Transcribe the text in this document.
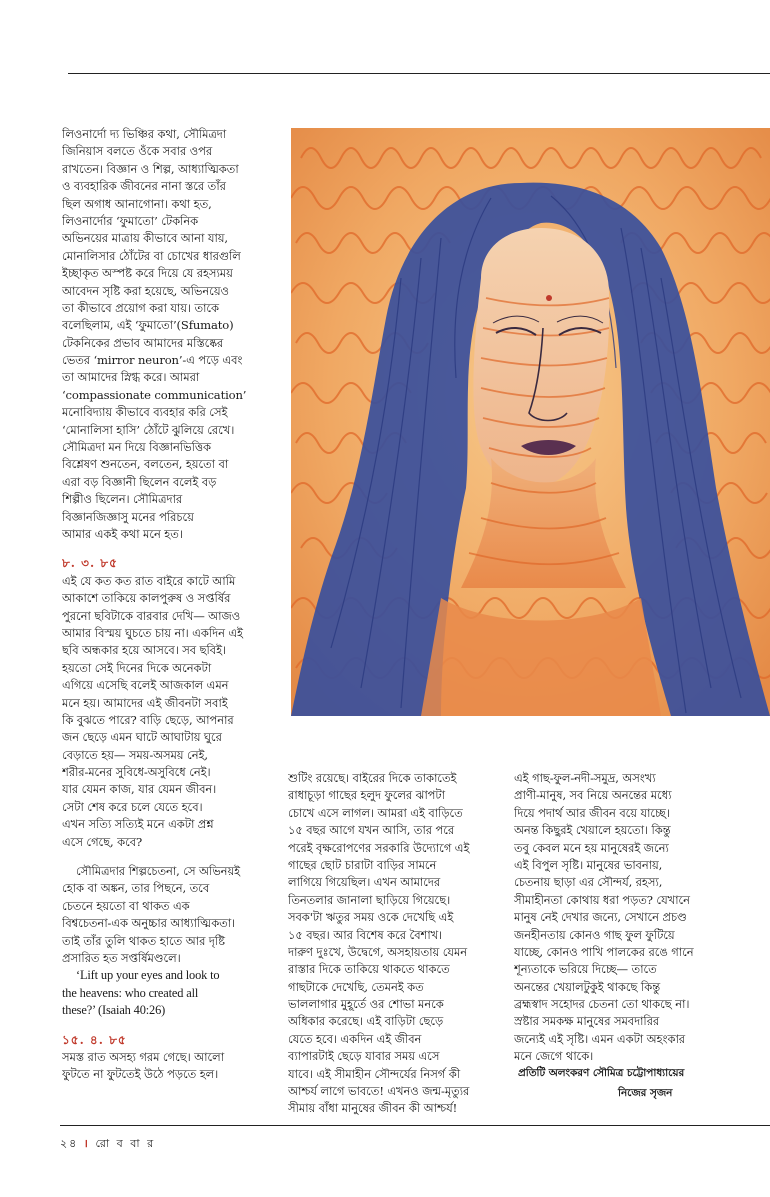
লিওনার্দো দ্য ভিঞ্চির কথা, সৌমিত্রদা
জিনিয়াস বলতে ওঁকে সবার ওপর
রাখতেন। বিজ্ঞান ও শিল্প, আধ্যাত্মিকতা
ও ব্যবহারিক জীবনের নানা স্তরে তাঁর
ছিল অগাধ আনাগোনা। কথা হত,
লিওনার্দোর ‘ফুমাতো’ টেকনিক
অভিনয়ের মাত্রায় কীভাবে আনা যায়,
মোনালিসার ঠোঁটের বা চোখের ধারগুলি
ইচ্ছাকৃত অস্পষ্ট করে দিয়ে যে রহস্যময়
আবেদন সৃষ্টি করা হয়েছে, অভিনয়েও
তা কীভাবে প্রয়োগ করা যায়। তাকে
বলেছিলাম, এই ‘ফুমাতো’(Sfumato)
টেকনিকের প্রভাব আমাদের মস্তিষ্কের
ভেতর ‘mirror neuron’-এ পড়ে এবং
তা আমাদের স্নিগ্ধ করে। আমরা
‘compassionate communication’
মনোবিদ্যায় কীভাবে ব্যবহার করি সেই
‘মোনালিসা হাসি’ ঠোঁটে ঝুলিয়ে রেখে।
সৌমিত্রদা মন দিয়ে বিজ্ঞানভিত্তিক
বিশ্লেষণ শুনতেন, বলতেন, হয়তো বা
এরা বড় বিজ্ঞানী ছিলেন বলেই বড়
শিল্পীও ছিলেন। সৌমিত্রদার
বিজ্ঞানজিজ্ঞাসু মনের পরিচয়ে
আমার একই কথা মনে হত।
৮. ৩. ৮৫
এই যে কত কত রাত বাইরে কাটে আমি
আকাশে তাকিয়ে কালপুরুষ ও সপ্তর্ষির
পুরনো ছবিটাকে বারবার দেখি— আজও
আমার বিস্ময় ঘুচতে চায় না। একদিন এই
ছবি অন্ধকার হয়ে আসবে। সব ছবিই।
হয়তো সেই দিনের দিকে অনেকটা
এগিয়ে এসেছি বলেই আজকাল এমন
মনে হয়। আমাদের এই জীবনটা সবাই
কি বুঝতে পারে? বাড়ি ছেড়ে, আপনার
জন ছেড়ে এমন ঘাটে আঘাটায় ঘুরে
বেড়াতে হয়— সময়-অসময় নেই,
শরীর-মনের সুবিধে-অসুবিধে নেই।
যার যেমন কাজ, যার যেমন জীবন।
সেটা শেষ করে চলে যেতে হবে।
এখন সত্যি সত্যিই মনে একটা প্রশ্ন
এসে গেছে, কবে?
সৌমিত্রদার শিল্পচেতনা, সে অভিনয়ই
হোক বা অঙ্কন, তার পিছনে, তবে
চেতনে হয়তো বা থাকত এক
বিশ্বচেতনা-এক অনুচ্চার আধ্যাত্মিকতা।
তাই তাঁর তুলি থাকত হাতে আর দৃষ্টি
প্রসারিত হত সপ্তর্ষিমণ্ডলে।
‘Lift up your eyes and look to
the heavens: who created all
these?’ (Isaiah 40:26)
১৫. ৪. ৮৫
সমস্ত রাত অসহ্য গরম গেছে। আলো
ফুটতে না ফুটতেই উঠে পড়তে হল।
শুটিং রয়েছে। বাইরের দিকে তাকাতেই
রাধাচূড়া গাছের হলুদ ফুলের ঝাপটা
চোখে এসে লাগল। আমরা এই বাড়িতে
১৫ বছর আগে যখন আসি, তার পরে
পরেই বৃক্ষরোপণের সরকারি উদ্যোগে এই
গাছের ছোট চারাটা বাড়ির সামনে
লাগিয়ে গিয়েছিল। এখন আমাদের
তিনতলার জানালা ছাড়িয়ে গিয়েছে।
সবক'টা ঋতুর সময় ওকে দেখেছি এই
১৫ বছর। আর বিশেষ করে বৈশাখ।
দারুণ দুঃখে, উদ্বেগে, অসহায়তায় যেমন
রাস্তার দিকে তাকিয়ে থাকতে থাকতে
গাছটাকে দেখেছি, তেমনই কত
ভাললাগার মুহূর্তে ওর শোভা মনকে
অধিকার করেছে। এই বাড়িটা ছেড়ে
যেতে হবে। একদিন এই জীবন
ব্যাপারটাই ছেড়ে যাবার সময় এসে
যাবে। এই সীমাহীন সৌন্দর্যের নিসর্গ কী
আশ্চর্য লাগে ভাবতে! এখনও জন্ম-মৃত্যুর
সীমায় বাঁধা মানুষের জীবন কী আশ্চর্য!
এই গাছ-ফুল-নদী-সমুদ্র, অসংখ্য
প্রাণী-মানুষ, সব নিয়ে অনন্তের মধ্যে
দিয়ে পদার্থ আর জীবন বয়ে যাচ্ছে।
অনন্ত কিছুরই খেয়ালে হয়তো। কিন্তু
তবু কেবল মনে হয় মানুষেরই জন্যে
এই বিপুল সৃষ্টি। মানুষের ভাবনায়,
চেতনায় ছাড়া এর সৌন্দর্য, রহস্য,
সীমাহীনতা কোথায় ধরা পড়ত? যেখানে
মানুষ নেই দেখার জন্যে, সেখানে প্রচণ্ড
জনহীনতায় কোনও গাছ ফুল ফুটিয়ে
যাচ্ছে, কোনও পাখি পালকের রঙে গানে
শূন্যতাকে ভরিয়ে দিচ্ছে— তাতে
অনন্তের খেয়ালটুকুই থাকছে কিন্তু
ব্রহ্মস্বাদ সহোদর চেতনা তো থাকছে না।
স্রষ্টার সমকক্ষ মানুষের সমবদারির
জন্যেই এই সৃষ্টি। এমন একটা অহংকার
মনে জেগে থাকে।
প্রতিটি অলংকরণ সৌমিত্র চট্টোপাধ্যায়ের
নিজের সৃজন
২৪ । রো ব বা র
